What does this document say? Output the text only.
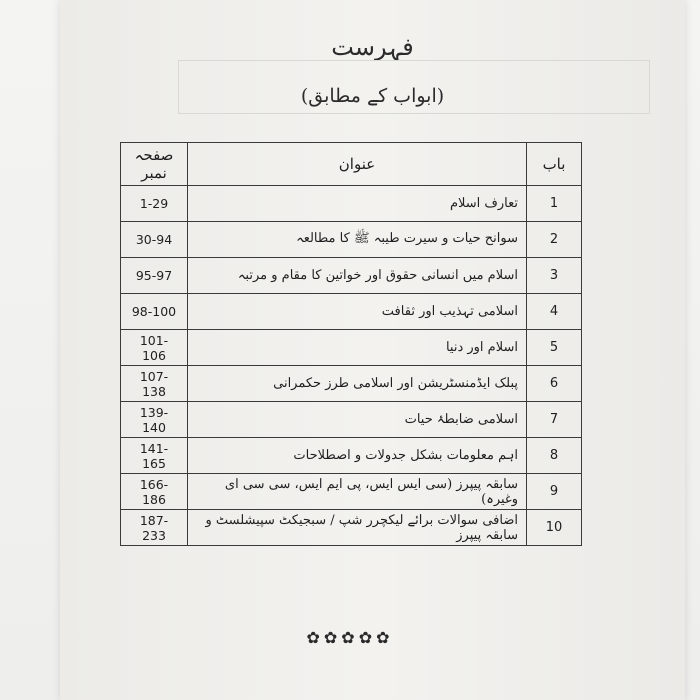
فہرست
(ابواب کے مطابق)
صفحہ نمبر	عنوان	باب
1-29	تعارف اسلام	1
30-94	سوانح حیات و سیرت طیبہ ﷺ کا مطالعہ	2
95-97	اسلام میں انسانی حقوق اور خواتین کا مقام و مرتبہ	3
98-100	اسلامی تہذیب اور ثقافت	4
101-106	اسلام اور دنیا	5
107-138	پبلک ایڈمنسٹریشن اور اسلامی طرز حکمرانی	6
139-140	اسلامی ضابطۂ حیات	7
141-165	اہم معلومات بشکل جدولات و اصطلاحات	8
166-186	سابقہ پیپرز (سی ایس ایس، پی ایم ایس، سی سی ای وغیرہ)	9
187-233	اضافی سوالات برائے لیکچرر شپ / سبجیکٹ سپیشلسٹ و سابقہ پیپرز	10
✿✿✿✿✿
